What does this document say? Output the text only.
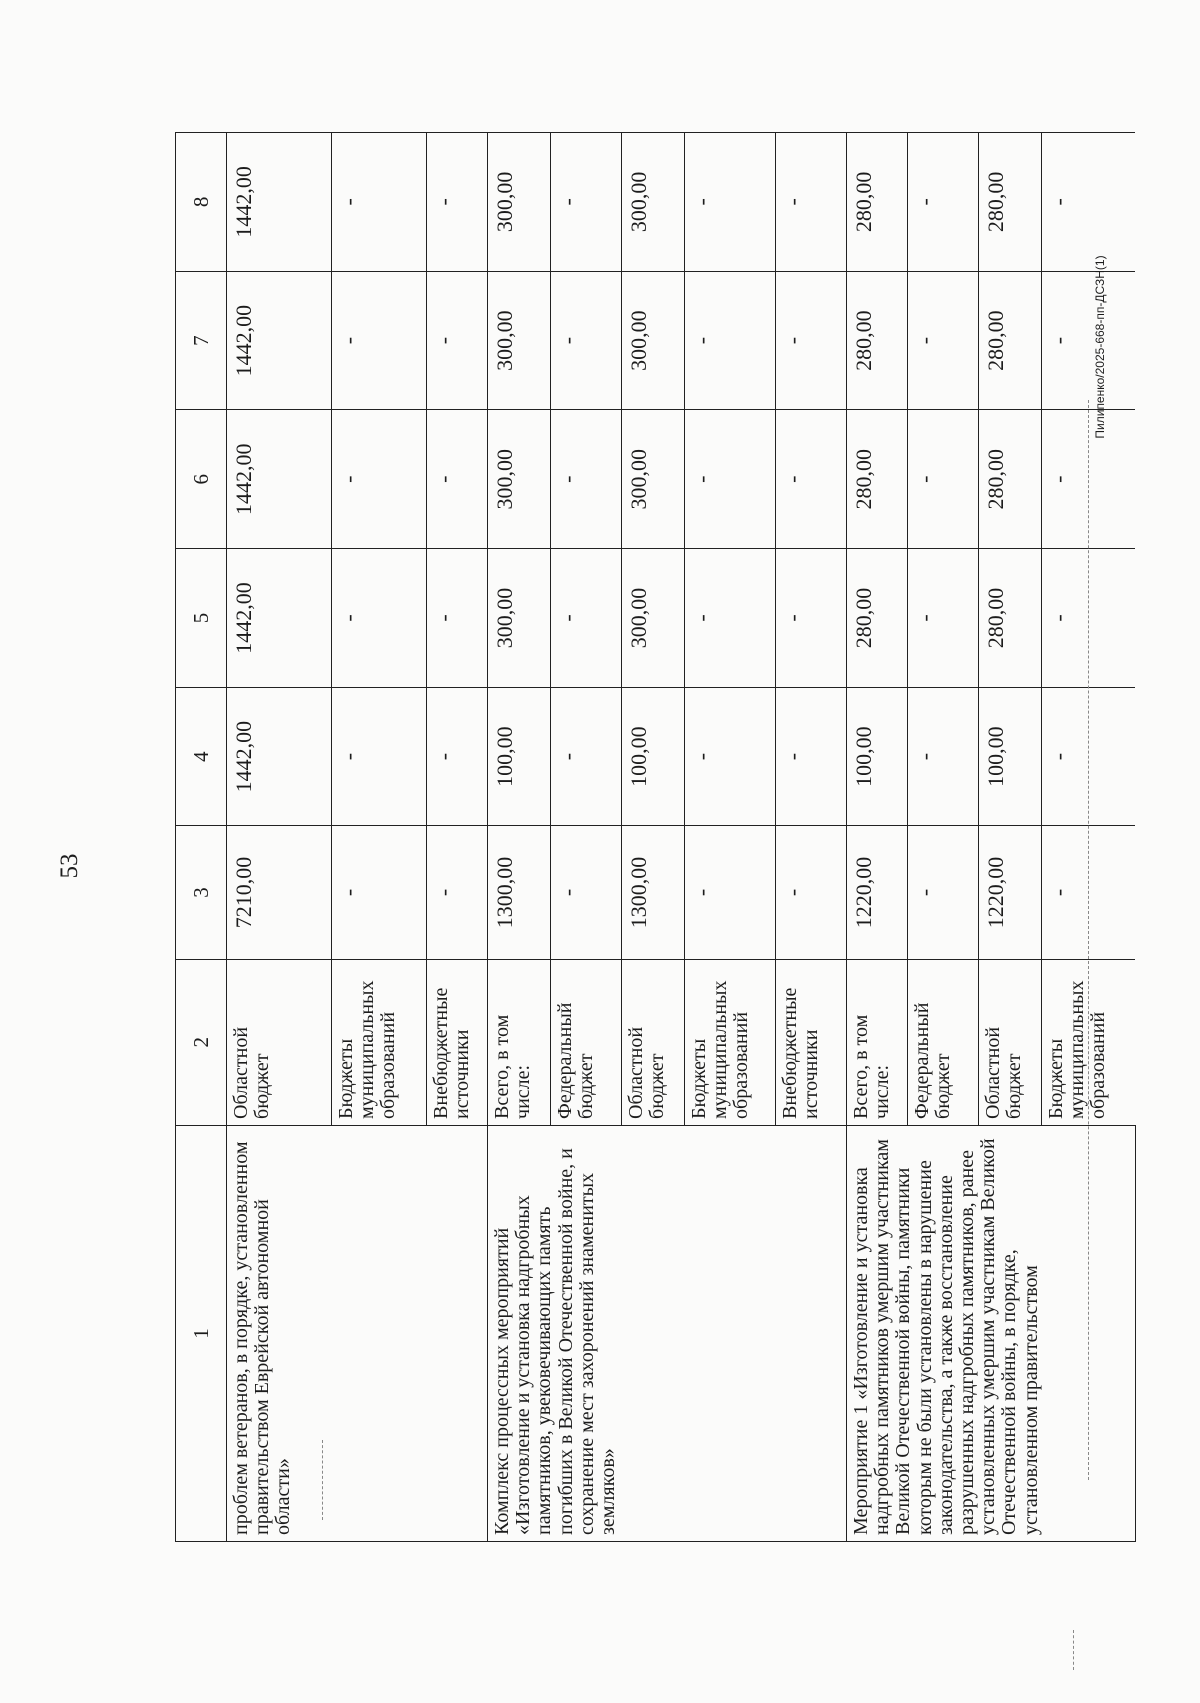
53
1	2	3	4	5	6	7	8
проблем ветеранов, в порядке, установленном правительством Еврейской автономной области»	Областной бюджет	7210,00	1442,00	1442,00	1442,00	1442,00	1442,00
	Бюджеты муниципальных образований	-	-	-	-	-	-
	Внебюджетные источники	-	-	-	-	-	-
Комплекс процессных мероприятий «Изготовление и установка надгробных памятников, увековечивающих память погибших в Великой Отечественной войне, и сохранение мест захоронений знаменитых земляков»	Всего, в том числе:	1300,00	100,00	300,00	300,00	300,00	300,00
	Федеральный бюджет	-	-	-	-	-	-
	Областной бюджет	1300,00	100,00	300,00	300,00	300,00	300,00
	Бюджеты муниципальных образований	-	-	-	-	-	-
	Внебюджетные источники	-	-	-	-	-	-
Мероприятие 1 «Изготовление и установка надгробных памятников умершим участникам Великой Отечественной войны, памятники которым не были установлены в нарушение законодательства, а также восстановление разрушенных надгробных памятников, ранее установленных умершим участникам Великой Отечественной войны, в порядке, установленном правительством	Всего, в том числе:	1220,00	100,00	280,00	280,00	280,00	280,00
	Федеральный бюджет	-	-	-	-	-	-
	Областной бюджет	1220,00	100,00	280,00	280,00	280,00	280,00
	Бюджеты муниципальных образований	-	-	-	-	-	-
Пилипенко/2025-668-пп-ДСЗН(1)
